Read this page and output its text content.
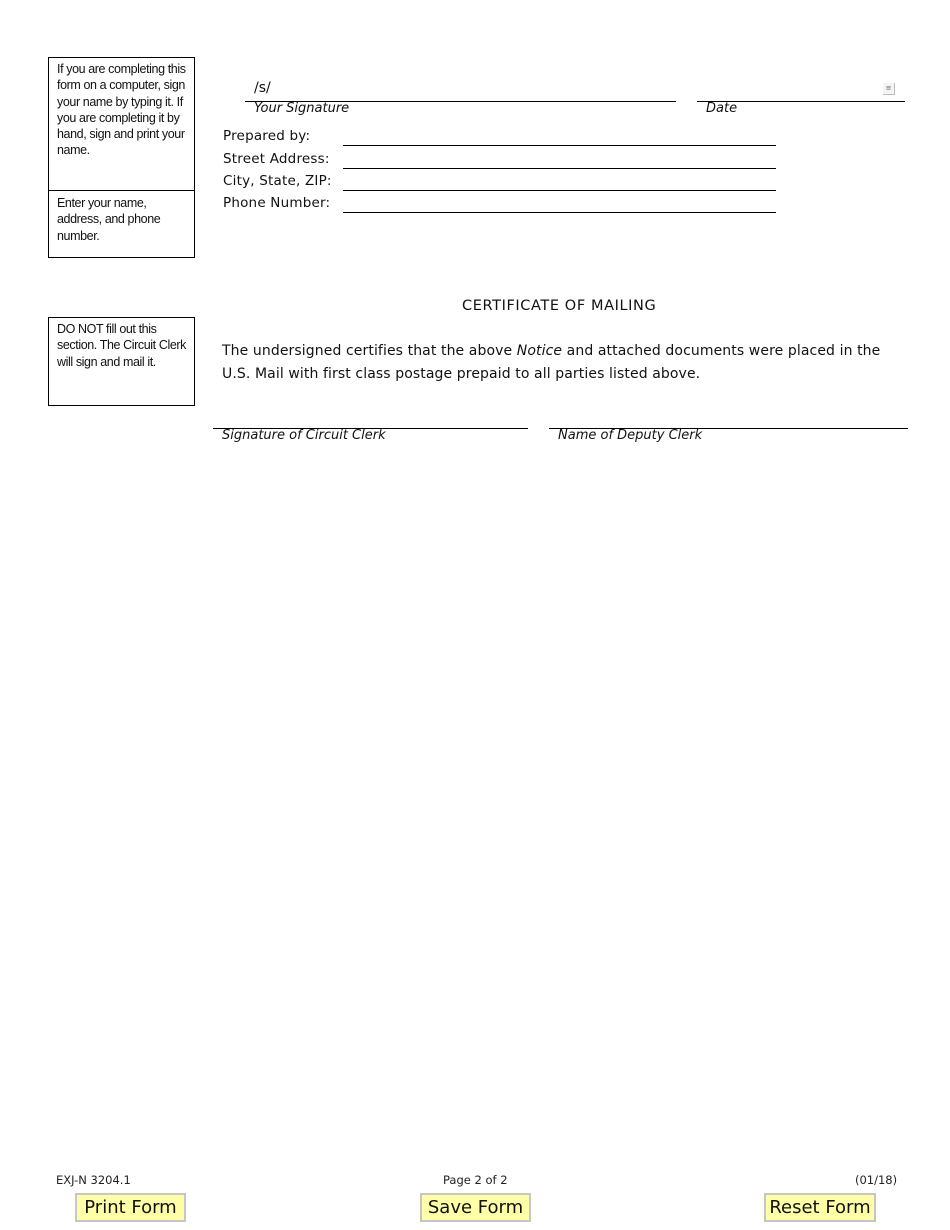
If you are completing this form on a computer, sign your name by typing it. If you are completing it by hand, sign and print your name.
Enter your name, address, and phone number.
/s/
Your Signature
≡
Date
Prepared by:
Street Address:
City, State, ZIP:
Phone Number:
DO NOT fill out this section. The Circuit Clerk will sign and mail it.
CERTIFICATE OF MAILING
The undersigned certifies that the above Notice and attached documents were placed in the U.S. Mail with first class postage prepaid to all parties listed above.
Signature of Circuit Clerk	Name of Deputy Clerk
EXJ-N 3204.1	Page 2 of 2	(01/18)
Print Form	Save Form	Reset Form
